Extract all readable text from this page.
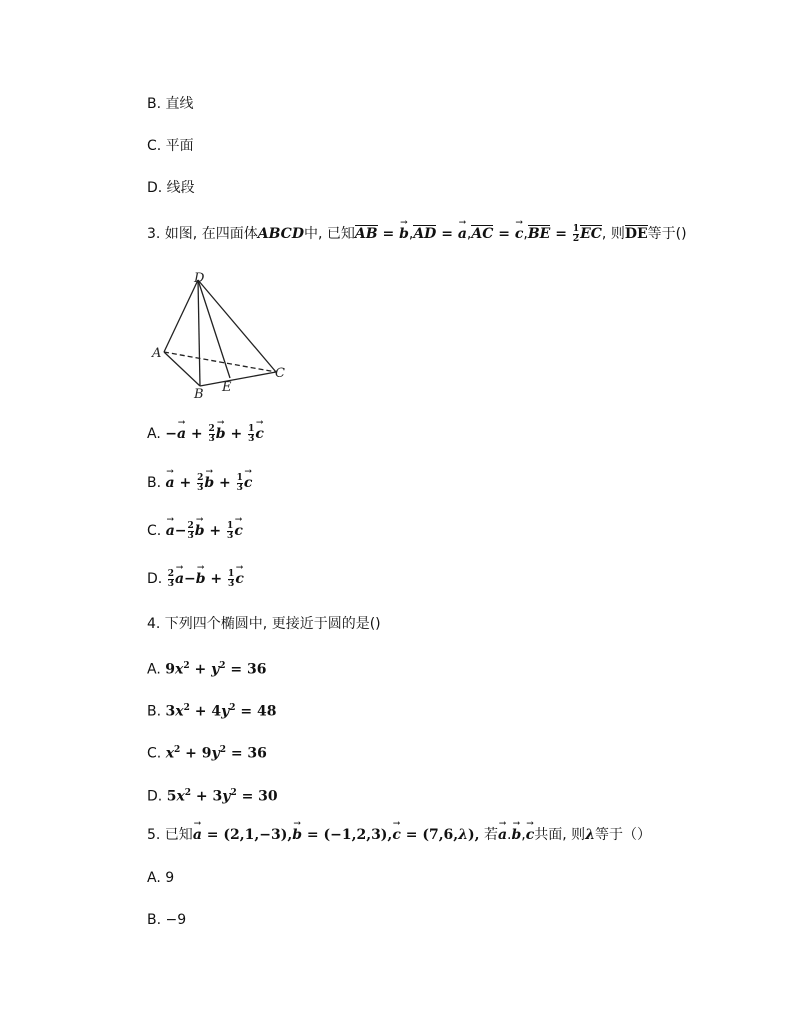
B. 直线
C. 平面
D. 线段
3. 如图, 在四面体ABCD中, 已知AB = $b \to,AD = a \to,AC = c \to,BE = \frac{1}{2}$ EC, 则DE等于()
D
A
B E
C
A. −a → + $\frac{2}{3}$ b → + $\frac{1}{3}$ c →
B. a → + $\frac{2}{3}$ b → + $\frac{1}{3}$ c →
C. $a \to- \frac{2}{3}$ b → + $\frac{1}{3}$ c →
D. $\frac{2}{3}$ a →−b → + $\frac{1}{3}$ c →
4. 下列四个椭圆中, 更接近于圆的是()
A. $9x^2 + y^2 = 36$
B. $3x^2 + 4y^2 = 48$
C. $x^2 + 9y^2 = 36$
D. $5x^2 + 3y^2 = 30$
5. 已知a → = (2,1,−3),b → = (−1,2,3),c → = (7,6,λ), 若a →.b →,c →共面, 则λ等于（）
A. 9
B. −9
